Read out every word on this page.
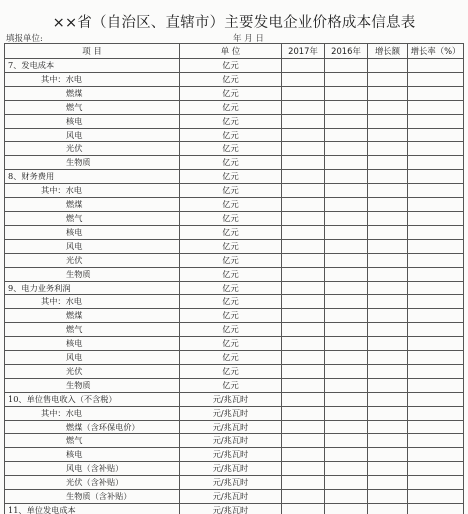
××省（自治区、直辖市）主要发电企业价格成本信息表
填报单位:	年 月 日
项 目	单 位	2017年	2016年	增长额	增长率（%）
7、发电成本	亿元				
其中：水电	亿元				
燃煤	亿元				
燃气	亿元				
核电	亿元				
风电	亿元				
光伏	亿元				
生物质	亿元				
8、财务费用	亿元				
其中：水电	亿元				
燃煤	亿元				
燃气	亿元				
核电	亿元				
风电	亿元				
光伏	亿元				
生物质	亿元				
9、电力业务利润	亿元				
其中：水电	亿元				
燃煤	亿元				
燃气	亿元				
核电	亿元				
风电	亿元				
光伏	亿元				
生物质	亿元				
10、单位售电收入（不含税）	元/兆瓦时				
其中：水电	元/兆瓦时				
燃煤（含环保电价）	元/兆瓦时				
燃气	元/兆瓦时				
核电	元/兆瓦时				
风电（含补贴）	元/兆瓦时				
光伏（含补贴）	元/兆瓦时				
生物质（含补贴）	元/兆瓦时				
11、单位发电成本	元/兆瓦时				
